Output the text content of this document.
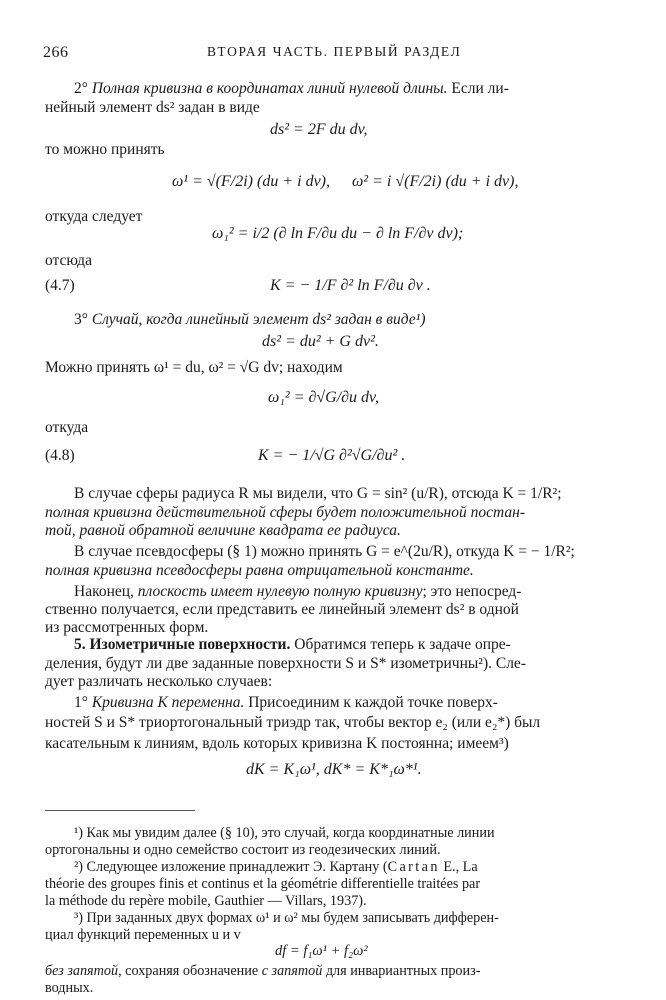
266	ВТОРАЯ ЧАСТЬ. ПЕРВЫЙ РАЗДЕЛ
2° Полная кривизна в координатах линий нулевой длины. Если ли-
нейный элемент ds² задан в виде
ds² = 2F du dv,
то можно принять
ω¹ = √(F/2i) (du + i dv), ω² = i √(F/2i) (du + i dv),
откуда следует
ω₁² = i/2 (∂ ln F/∂u du − ∂ ln F/∂v dv);
отсюда
(4.7)	K = − 1/F ∂² ln F/∂u ∂v .
3° Случай, когда линейный элемент ds² задан в виде¹)
ds² = du² + G dv².
Можно принять ω¹ = du, ω² = √G dv; находим
ω₁² = ∂√G/∂u dv,
откуда
(4.8)	K = − 1/√G ∂²√G/∂u² .
В случае сферы радиуса R мы видели, что G = sin² (u/R), отсюда K = 1/R²;
полная кривизна действительной сферы будет положительной постан-
той, равной обратной величине квадрата ее радиуса.
В случае псевдосферы (§ 1) можно принять G = e^(2u/R), откуда K = − 1/R²;
полная кривизна псевдосферы равна отрицательной константе.
Наконец, плоскость имеет нулевую полную кривизну; это непосред-
ственно получается, если представить ее линейный элемент ds² в одной
из рассмотренных форм.
5. Изометричные поверхности. Обратимся теперь к задаче опре-
деления, будут ли две заданные поверхности S и S* изометричны²). Сле-
дует различать несколько случаев:
1° Кривизна K переменна. Присоединим к каждой точке поверх-
ностей S и S* триортогональный триэдр так, чтобы вектор e₂ (или e₂*) был
касательным к линиям, вдоль которых кривизна K постоянна; имеем³)
dK = K₁ω¹, dK* = K*₁ω*¹.
¹) Как мы увидим далее (§ 10), это случай, когда координатные линии
ортогональны и одно семейство состоит из геодезических линий.
²) Следующее изложение принадлежит Э. Картану (Cartan E., La
théorie des groupes finis et continus et la géométrie differentielle traitées par
la méthode du repère mobile, Gauthier — Villars, 1937).
³) При заданных двух формах ω¹ и ω² мы будем записывать дифферен-
циал функций переменных u и v
df = f₁ω¹ + f₂ω²
без запятой, сохраняя обозначение с запятой для инвариантных произ-
водных.
